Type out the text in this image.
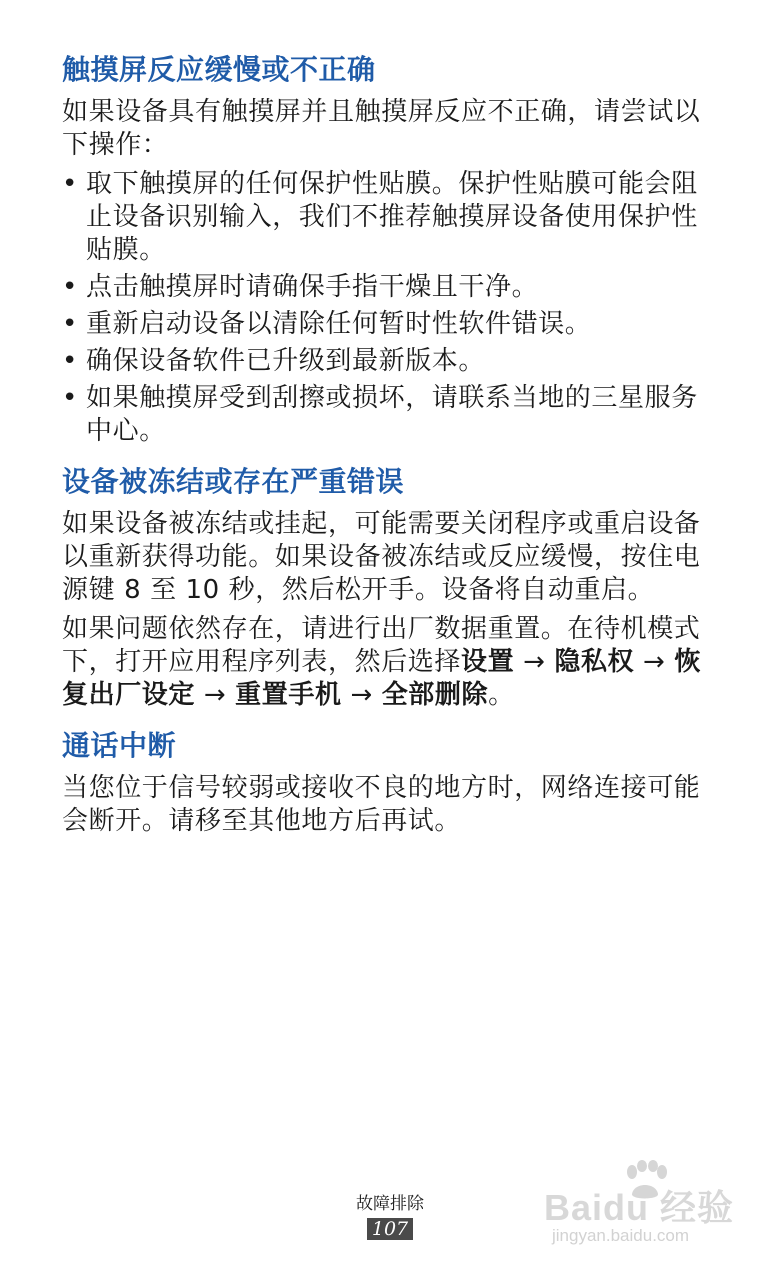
触摸屏反应缓慢或不正确

如果设备具有触摸屏并且触摸屏反应不正确，请尝试以下操作：

• 取下触摸屏的任何保护性贴膜。保护性贴膜可能会阻止设备识别输入，我们不推荐触摸屏设备使用保护性贴膜。
• 点击触摸屏时请确保手指干燥且干净。
• 重新启动设备以清除任何暂时性软件错误。
• 确保设备软件已升级到最新版本。
• 如果触摸屏受到刮擦或损坏，请联系当地的三星服务中心。
设备被冻结或存在严重错误

如果设备被冻结或挂起，可能需要关闭程序或重启设备以重新获得功能。如果设备被冻结或反应缓慢，按住电源键 8 至 10 秒，然后松开手。设备将自动重启。

如果问题依然存在，请进行出厂数据重置。在待机模式下，打开应用程序列表，然后选择设置 → 隐私权 → 恢复出厂设定 → 重置手机 → 全部删除。

通话中断

当您位于信号较弱或接收不良的地方时，网络连接可能会断开。请移至其他地方后再试。

故障排除
107
Baidu 经验
jingyan.baidu.com
